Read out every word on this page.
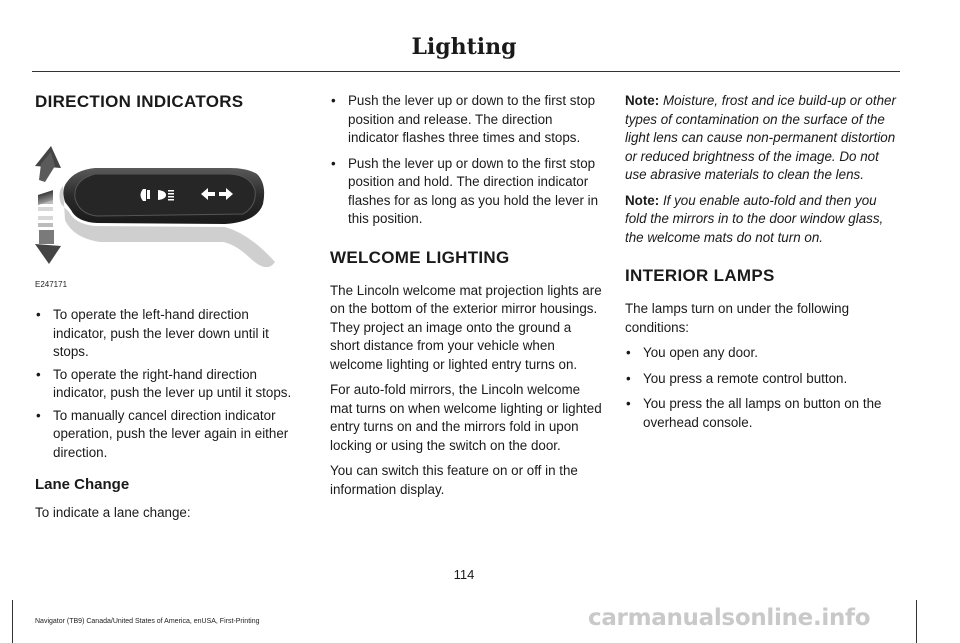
Lighting
DIRECTION INDICATORS
E247171
• To operate the left-hand direction indicator, push the lever down until it stops.
• To operate the right-hand direction indicator, push the lever up until it stops.
• To manually cancel direction indicator operation, push the lever again in either direction.
Lane Change

To indicate a lane change:

• Push the lever up or down to the first stop position and release. The direction indicator flashes three times and stops.
• Push the lever up or down to the first stop position and hold. The direction indicator flashes for as long as you hold the lever in this position.
WELCOME LIGHTING

The Lincoln welcome mat projection lights are on the bottom of the exterior mirror housings. They project an image onto the ground a short distance from your vehicle when welcome lighting or lighted entry turns on.

For auto-fold mirrors, the Lincoln welcome mat turns on when welcome lighting or lighted entry turns on and the mirrors fold in upon locking or using the switch on the door.

You can switch this feature on or off in the information display.

Note: Moisture, frost and ice build-up or other types of contamination on the surface of the light lens can cause non-permanent distortion or reduced brightness of the image. Do not use abrasive materials to clean the lens.

Note: If you enable auto-fold and then you fold the mirrors in to the door window glass, the welcome mats do not turn on.

INTERIOR LAMPS

The lamps turn on under the following conditions:

• You open any door.
• You press a remote control button.
• You press the all lamps on button on the overhead console.
114
Navigator (TB9) Canada/United States of America, enUSA, First-Printing	carmanualsonline.info
